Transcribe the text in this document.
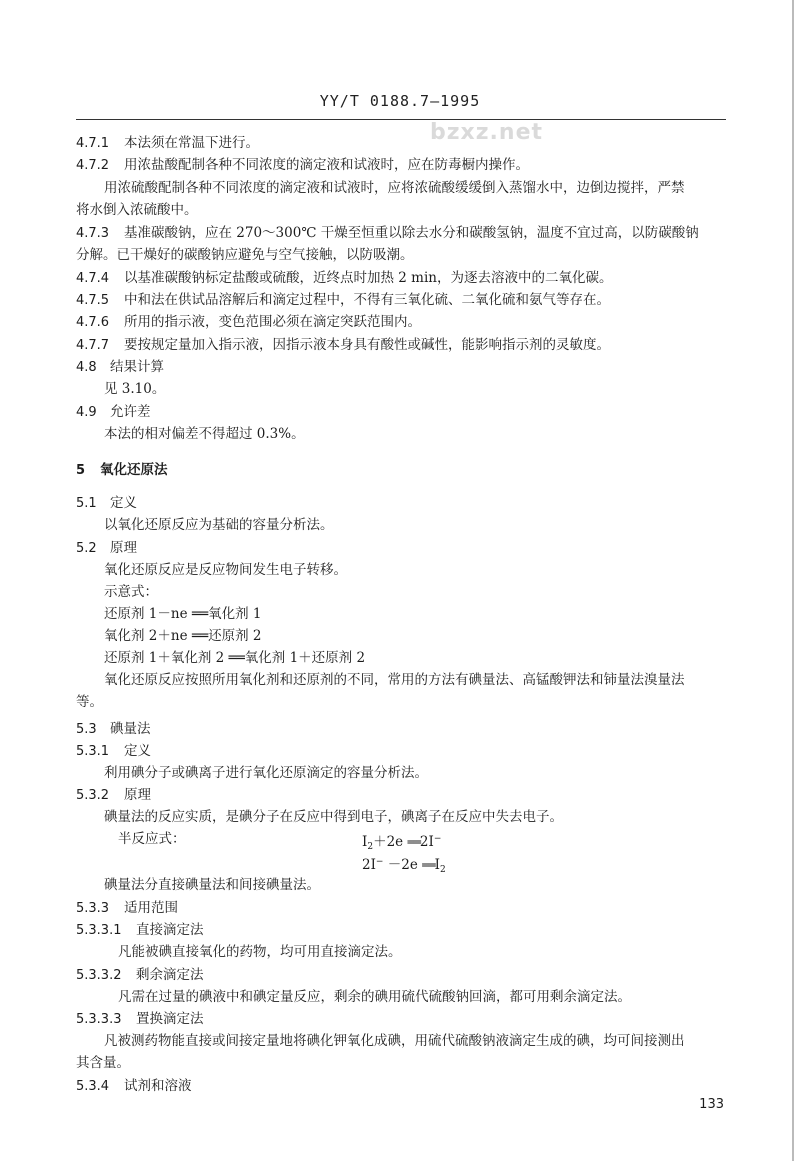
YY/T 0188.7—1995
bzxz.net
4.7.1 本法须在常温下进行。
4.7.2 用浓盐酸配制各种不同浓度的滴定液和试液时，应在防毒橱内操作。
用浓硫酸配制各种不同浓度的滴定液和试液时，应将浓硫酸缓缓倒入蒸馏水中，边倒边搅拌，严禁
将水倒入浓硫酸中。
4.7.3 基准碳酸钠，应在 270～300℃ 干燥至恒重以除去水分和碳酸氢钠，温度不宜过高，以防碳酸钠
分解。已干燥好的碳酸钠应避免与空气接触，以防吸潮。
4.7.4 以基准碳酸钠标定盐酸或硫酸，近终点时加热 2 min，为逐去溶液中的二氧化碳。
4.7.5 中和法在供试品溶解后和滴定过程中，不得有三氧化硫、二氧化硫和氨气等存在。
4.7.6 所用的指示液，变色范围必须在滴定突跃范围内。
4.7.7 要按规定量加入指示液，因指示液本身具有酸性或碱性，能影响指示剂的灵敏度。
4.8 结果计算
见 3.10。
4.9 允许差
本法的相对偏差不得超过 0.3%。
5 氧化还原法
5.1 定义
以氧化还原反应为基础的容量分析法。
5.2 原理
氧化还原反应是反应物间发生电子转移。
示意式：
还原剂 1－ne ══氧化剂 1
氧化剂 2＋ne ══还原剂 2
还原剂 1＋氧化剂 2 ══氧化剂 1＋还原剂 2
氧化还原反应按照所用氧化剂和还原剂的不同，常用的方法有碘量法、高锰酸钾法和铈量法溴量法
等。
5.3 碘量法
5.3.1 定义
利用碘分子或碘离子进行氧化还原滴定的容量分析法。
5.3.2 原理
碘量法的反应实质，是碘分子在反应中得到电子，碘离子在反应中失去电子。
半反应式：	$I_2+2e$ ══2I−
2I− －2e $══I_2$
碘量法分直接碘量法和间接碘量法。
5.3.3 适用范围
5.3.3.1 直接滴定法
凡能被碘直接氧化的药物，均可用直接滴定法。
5.3.3.2 剩余滴定法
凡需在过量的碘液中和碘定量反应，剩余的碘用硫代硫酸钠回滴，都可用剩余滴定法。
5.3.3.3 置换滴定法
凡被测药物能直接或间接定量地将碘化钾氧化成碘，用硫代硫酸钠液滴定生成的碘，均可间接测出
其含量。
5.3.4 试剂和溶液
133
